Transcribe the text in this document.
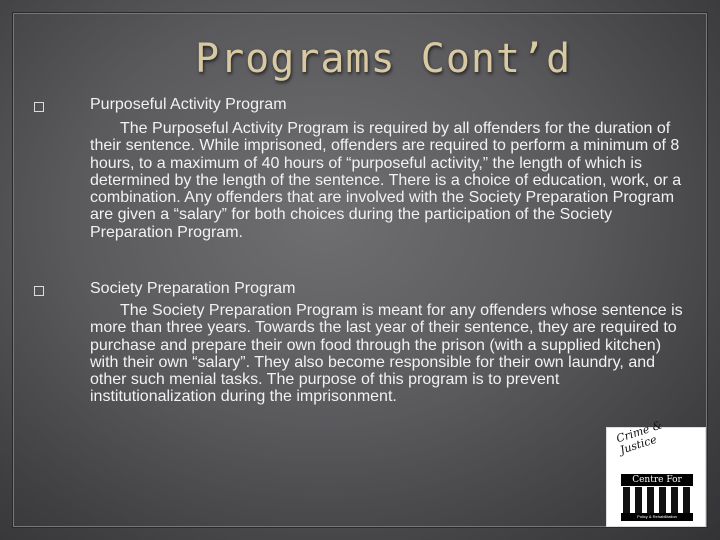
Programs Cont’d
Purposeful Activity Program
The Purposeful Activity Program is required by all offenders for the duration of their sentence. While imprisoned, offenders are required to perform a minimum of 8 hours, to a maximum of 40 hours of “purposeful activity,” the length of which is determined by the length of the sentence. There is a choice of education, work, or a combination. Any offenders that are involved with the Society Preparation Program are given a “salary” for both choices during the participation of the Society Preparation Program.
Society Preparation Program
The Society Preparation Program is meant for any offenders whose sentence is more than three years. Towards the last year of their sentence, they are required to purchase and prepare their own food through the prison (with a supplied kitchen) with their own “salary”. They also become responsible for their own laundry, and other such menial tasks. The purpose of this program is to prevent institutionalization during the imprisonment.
Crime & Justice
Centre For
Policy & Rehabilitation
